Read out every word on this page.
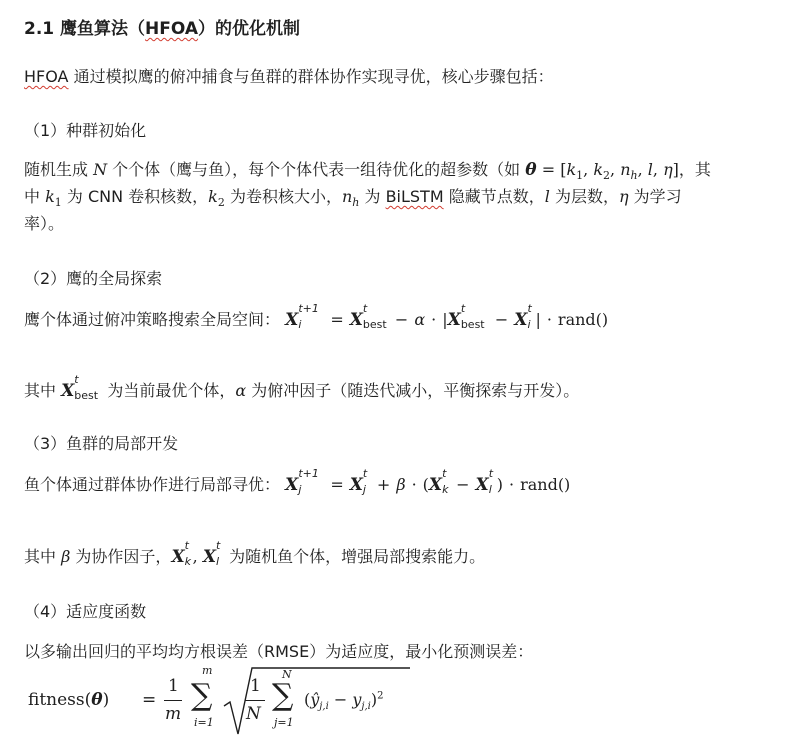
2.1 鹰鱼算法（HFOA）的优化机制
HFOA 通过模拟鹰的俯冲捕食与鱼群的群体协作实现寻优，核心步骤包括：
（1）种群初始化
随机生成 N 个个体（鹰与鱼），每个个体代表一组待优化的超参数（如 $\theta = [k_1$, $k_2$, $n_h$, l, η]，其
中 $k_1$ 为 CNN 卷积核数，$k_2$ 为卷积核大小，$n_h$ 为 BiLSTM 隐藏节点数，l 为层数，η 为学习
率）。
（2）鹰的全局探索
鹰个体通过俯冲策略搜索全局空间： X
t+1
i = X
t
best − α · |X
t
best − X
t
i | · rand()
其中 X
t
best 为当前最优个体，α 为俯冲因子（随迭代减小，平衡探索与开发）。
（3）鱼群的局部开发
鱼个体通过群体协作进行局部寻优： X
t+1
j = X
t
j + β · (X
t
k − X
t
l ) · rand()
其中 β 为协作因子，X
t
k , X
t
l 为随机鱼个体，增强局部搜索能力。
（4）适应度函数
以多输出回归的平均均方根误差（RMSE）为适应度，最小化预测误差：
fitness(θ) =
1
m
m
∑
i=1
1
N
N
∑
j=1
$(ŷ_{j,i} - y_{j,i})^2$
